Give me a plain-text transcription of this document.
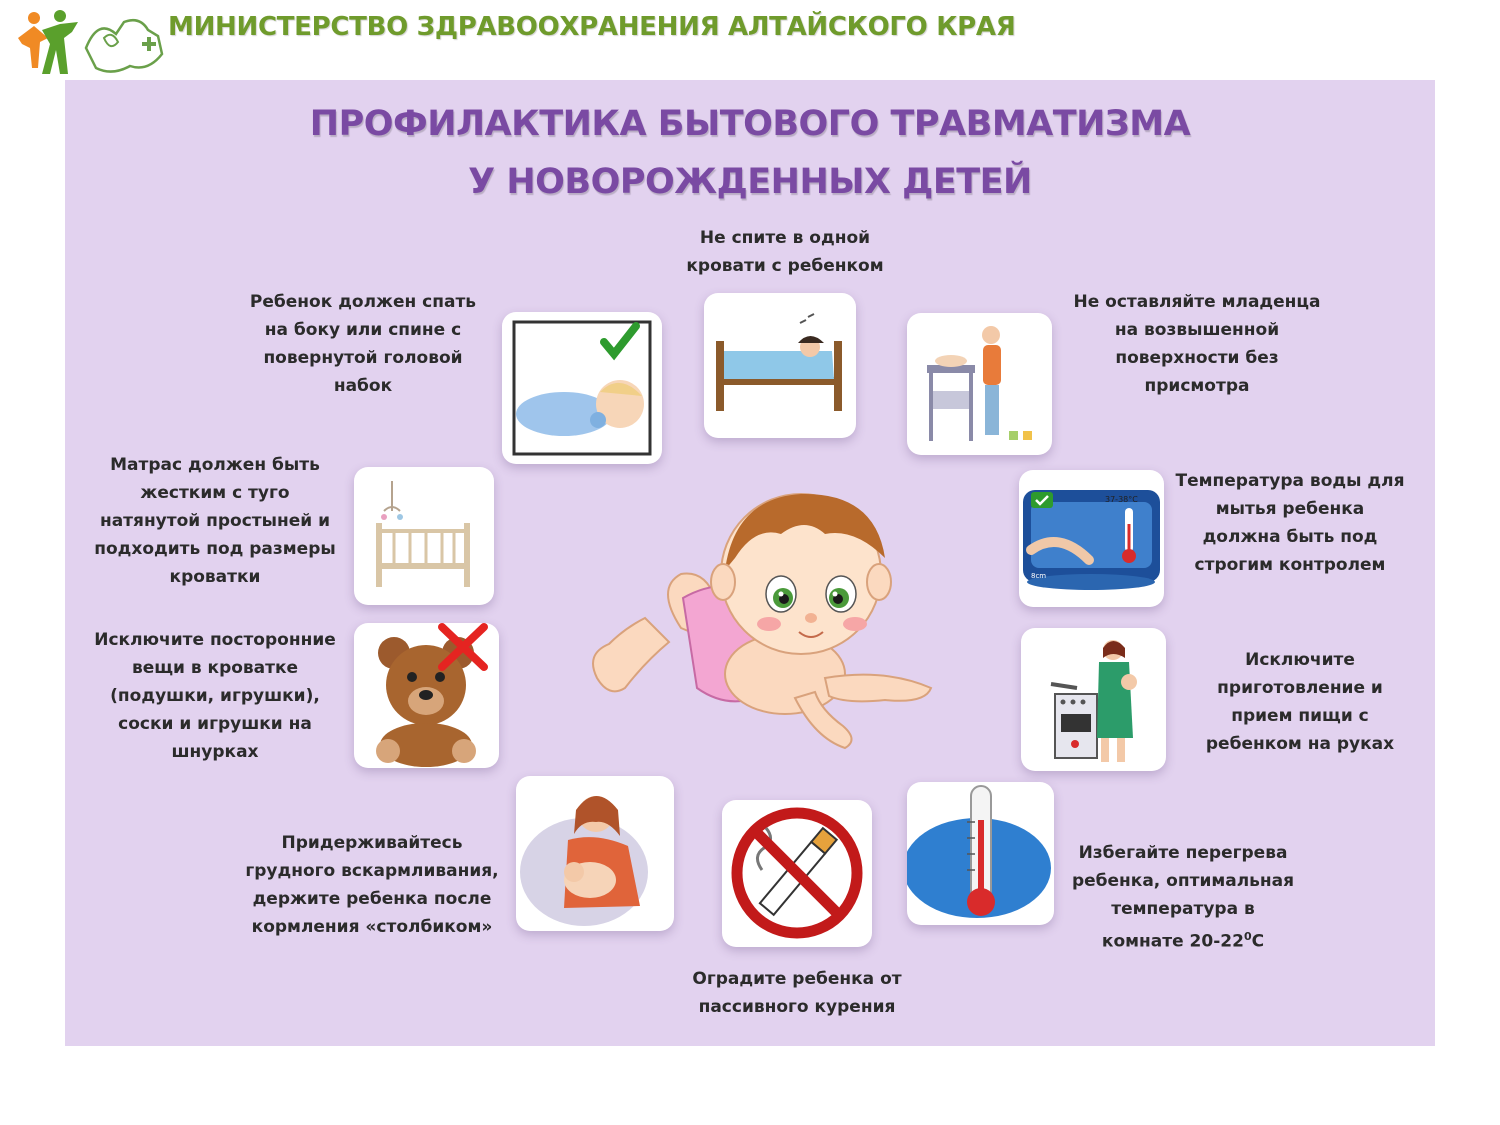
МИНИСТЕРСТВО ЗДРАВООХРАНЕНИЯ АЛТАЙСКОГО КРАЯ
ПРОФИЛАКТИКА БЫТОВОГО ТРАВМАТИЗМА
У НОВОРОЖДЕННЫХ ДЕТЕЙ
Ребенок должен спать
на боку или спине с
повернутой головой
набок
Не спите в одной
кровати с ребенком
Не оставляйте младенца
на возвышенной
поверхности без
присмотра
Матрас должен быть
жестким с туго
натянутой простыней и
подходить под размеры
кроватки
Температура воды для
мытья ребенка
должна быть под
строгим контролем
Исключите посторонние
вещи в кроватке
(подушки, игрушки),
соски и игрушки на
шнурках
Исключите
приготовление и
прием пищи с
ребенком на руках
Придерживайтесь
грудного вскармливания,
держите ребенка после
кормления «столбиком»
Оградите ребенка от
пассивного курения
Избегайте перегрева
ребенка, оптимальная
температура в
комнате $20-22^0С$
37-38°C
8cm
